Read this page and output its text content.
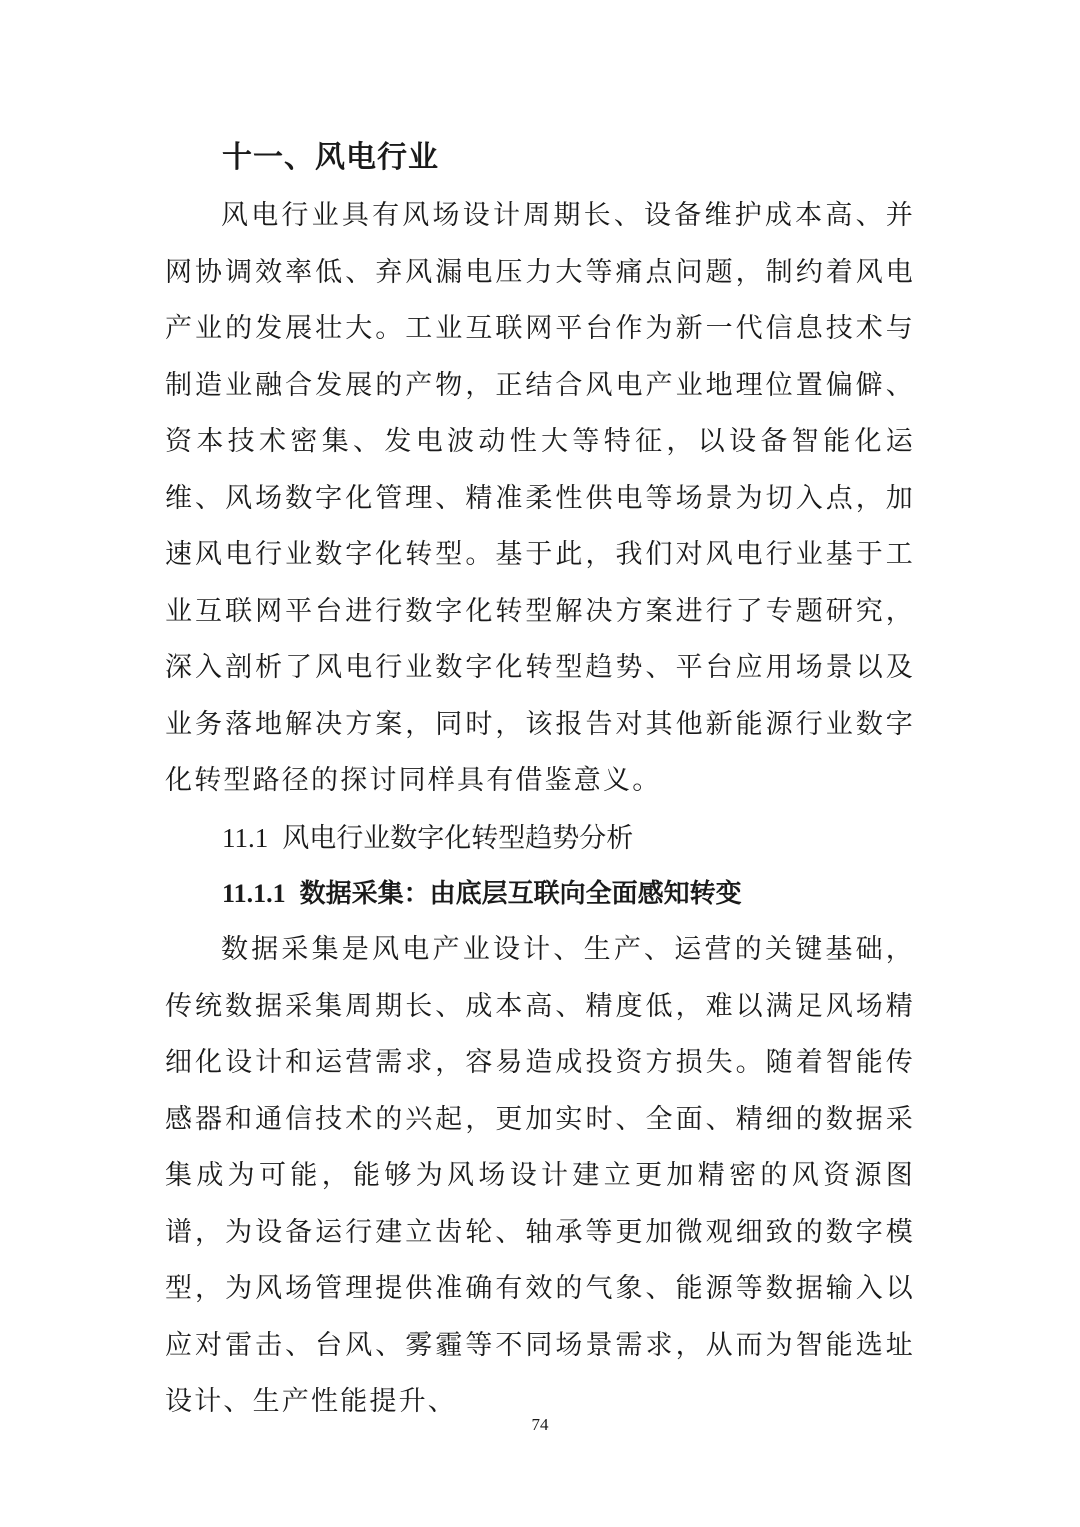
十一、风电行业

风电行业具有风场设计周期长、设备维护成本高、并网协调效率低、弃风漏电压力大等痛点问题，制约着风电产业的发展壮大。工业互联网平台作为新一代信息技术与制造业融合发展的产物，正结合风电产业地理位置偏僻、资本技术密集、发电波动性大等特征，以设备智能化运维、风场数字化管理、精准柔性供电等场景为切入点，加速风电行业数字化转型。基于此，我们对风电行业基于工业互联网平台进行数字化转型解决方案进行了专题研究，深入剖析了风电行业数字化转型趋势、平台应用场景以及业务落地解决方案，同时，该报告对其他新能源行业数字化转型路径的探讨同样具有借鉴意义。

11.1 风电行业数字化转型趋势分析
11.1.1 数据采集：由底层互联向全面感知转变

数据采集是风电产业设计、生产、运营的关键基础，传统数据采集周期长、成本高、精度低，难以满足风场精细化设计和运营需求，容易造成投资方损失。随着智能传感器和通信技术的兴起，更加实时、全面、精细的数据采集成为可能，能够为风场设计建立更加精密的风资源图谱，为设备运行建立齿轮、轴承等更加微观细致的数字模型，为风场管理提供准确有效的气象、能源等数据输入以应对雷击、台风、雾霾等不同场景需求，从而为智能选址设计、生产性能提升、

74
